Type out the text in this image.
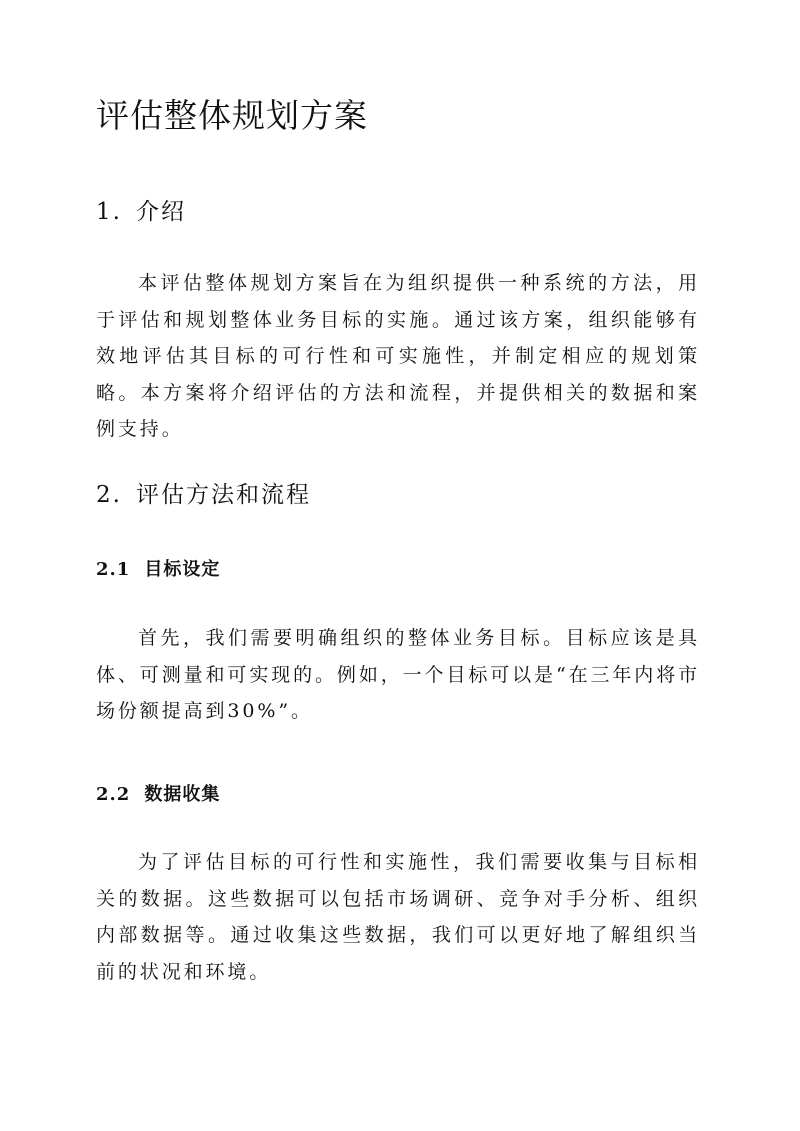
评估整体规划方案
1. 介绍

本评估整体规划方案旨在为组织提供一种系统的方法，用于评估和规划整体业务目标的实施。通过该方案，组织能够有效地评估其目标的可行性和可实施性，并制定相应的规划策略。本方案将介绍评估的方法和流程，并提供相关的数据和案例支持。

2. 评估方法和流程
2.1 目标设定

首先，我们需要明确组织的整体业务目标。目标应该是具体、可测量和可实现的。例如，一个目标可以是“在三年内将市场份额提高到30%”。

2.2 数据收集

为了评估目标的可行性和实施性，我们需要收集与目标相关的数据。这些数据可以包括市场调研、竞争对手分析、组织内部数据等。通过收集这些数据，我们可以更好地了解组织当前的状况和环境。
